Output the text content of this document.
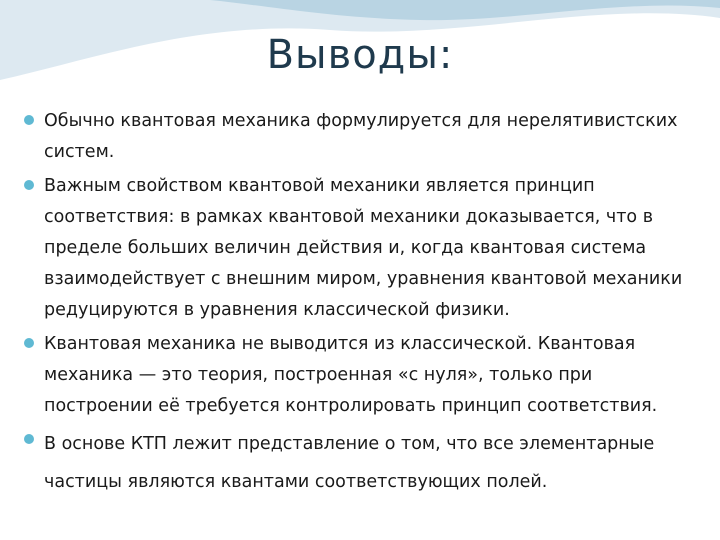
Выводы:
Обычно квантовая механика формулируется для нерелятивистских систем.
Важным свойством квантовой механики является принцип соответствия: в рамках квантовой механики доказывается, что в пределе больших величин действия и, когда квантовая система взаимодействует с внешним миром, уравнения квантовой механики редуцируются в уравнения классической физики.
Квантовая механика не выводится из классической. Квантовая механика — это теория, построенная «с нуля», только при построении её требуется контролировать принцип соответствия.
В основе КТП лежит представление о том, что все элементарные частицы являются квантами соответствующих полей.
